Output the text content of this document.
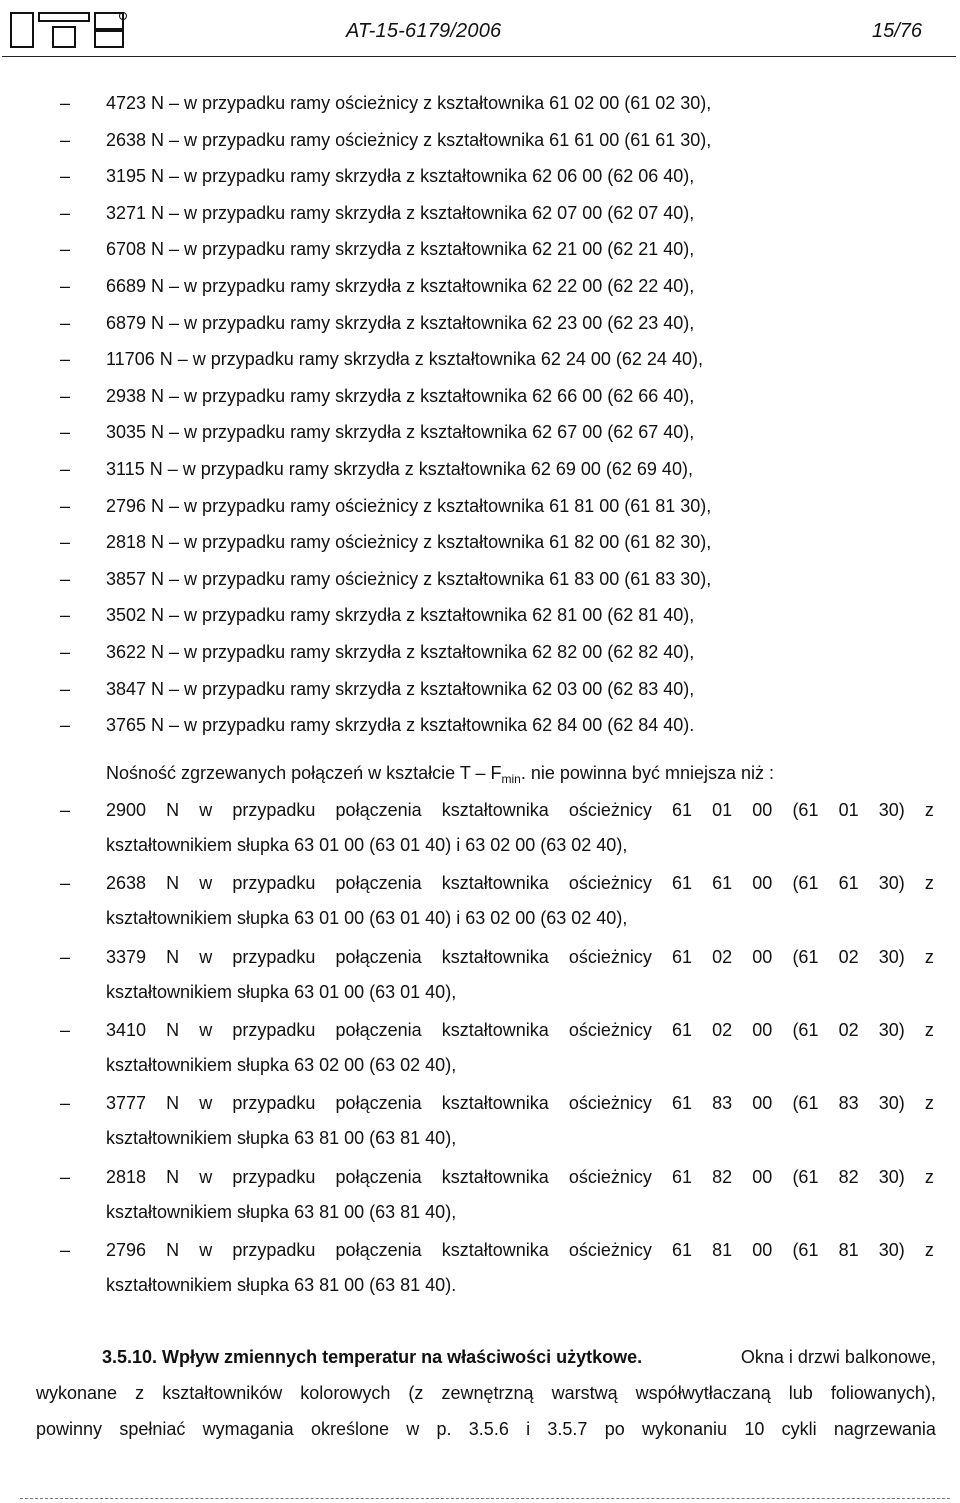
AT-15-6179/2006	15/76
– 4723 N – w przypadku ramy ościeżnicy z kształtownika 61 02 00 (61 02 30),
– 2638 N – w przypadku ramy ościeżnicy z kształtownika 61 61 00 (61 61 30),
– 3195 N – w przypadku ramy skrzydła z kształtownika 62 06 00 (62 06 40),
– 3271 N – w przypadku ramy skrzydła z kształtownika 62 07 00 (62 07 40),
– 6708 N – w przypadku ramy skrzydła z kształtownika 62 21 00 (62 21 40),
– 6689 N – w przypadku ramy skrzydła z kształtownika 62 22 00 (62 22 40),
– 6879 N – w przypadku ramy skrzydła z kształtownika 62 23 00 (62 23 40),
– 11706 N – w przypadku ramy skrzydła z kształtownika 62 24 00 (62 24 40),
– 2938 N – w przypadku ramy skrzydła z kształtownika 62 66 00 (62 66 40),
– 3035 N – w przypadku ramy skrzydła z kształtownika 62 67 00 (62 67 40),
– 3115 N – w przypadku ramy skrzydła z kształtownika 62 69 00 (62 69 40),
– 2796 N – w przypadku ramy ościeżnicy z kształtownika 61 81 00 (61 81 30),
– 2818 N – w przypadku ramy ościeżnicy z kształtownika 61 82 00 (61 82 30),
– 3857 N – w przypadku ramy ościeżnicy z kształtownika 61 83 00 (61 83 30),
– 3502 N – w przypadku ramy skrzydła z kształtownika 62 81 00 (62 81 40),
– 3622 N – w przypadku ramy skrzydła z kształtownika 62 82 00 (62 82 40),
– 3847 N – w przypadku ramy skrzydła z kształtownika 62 03 00 (62 83 40),
– 3765 N – w przypadku ramy skrzydła z kształtownika 62 84 00 (62 84 40).
Nośność zgrzewanych połączeń w kształcie T – $F_{min}$. nie powinna być mniejsza niż :
– 2900 N w przypadku połączenia kształtownika ościeżnicy 61 01 00 (61 01 30) z
kształtownikiem słupka 63 01 00 (63 01 40) i 63 02 00 (63 02 40),
– 2638 N w przypadku połączenia kształtownika ościeżnicy 61 61 00 (61 61 30) z
kształtownikiem słupka 63 01 00 (63 01 40) i 63 02 00 (63 02 40),
– 3379 N w przypadku połączenia kształtownika ościeżnicy 61 02 00 (61 02 30) z
kształtownikiem słupka 63 01 00 (63 01 40),
– 3410 N w przypadku połączenia kształtownika ościeżnicy 61 02 00 (61 02 30) z
kształtownikiem słupka 63 02 00 (63 02 40),
– 3777 N w przypadku połączenia kształtownika ościeżnicy 61 83 00 (61 83 30) z
kształtownikiem słupka 63 81 00 (63 81 40),
– 2818 N w przypadku połączenia kształtownika ościeżnicy 61 82 00 (61 82 30) z
kształtownikiem słupka 63 81 00 (63 81 40),
– 2796 N w przypadku połączenia kształtownika ościeżnicy 61 81 00 (61 81 30) z
kształtownikiem słupka 63 81 00 (63 81 40).
3.5.10. Wpływ zmiennych temperatur na właściwości użytkowe.	Okna i drzwi balkonowe,
wykonane z kształtowników kolorowych (z zewnętrzną warstwą współwytłaczaną lub foliowanych),
powinny spełniać wymagania określone w p. 3.5.6 i 3.5.7 po wykonaniu 10 cykli nagrzewania
